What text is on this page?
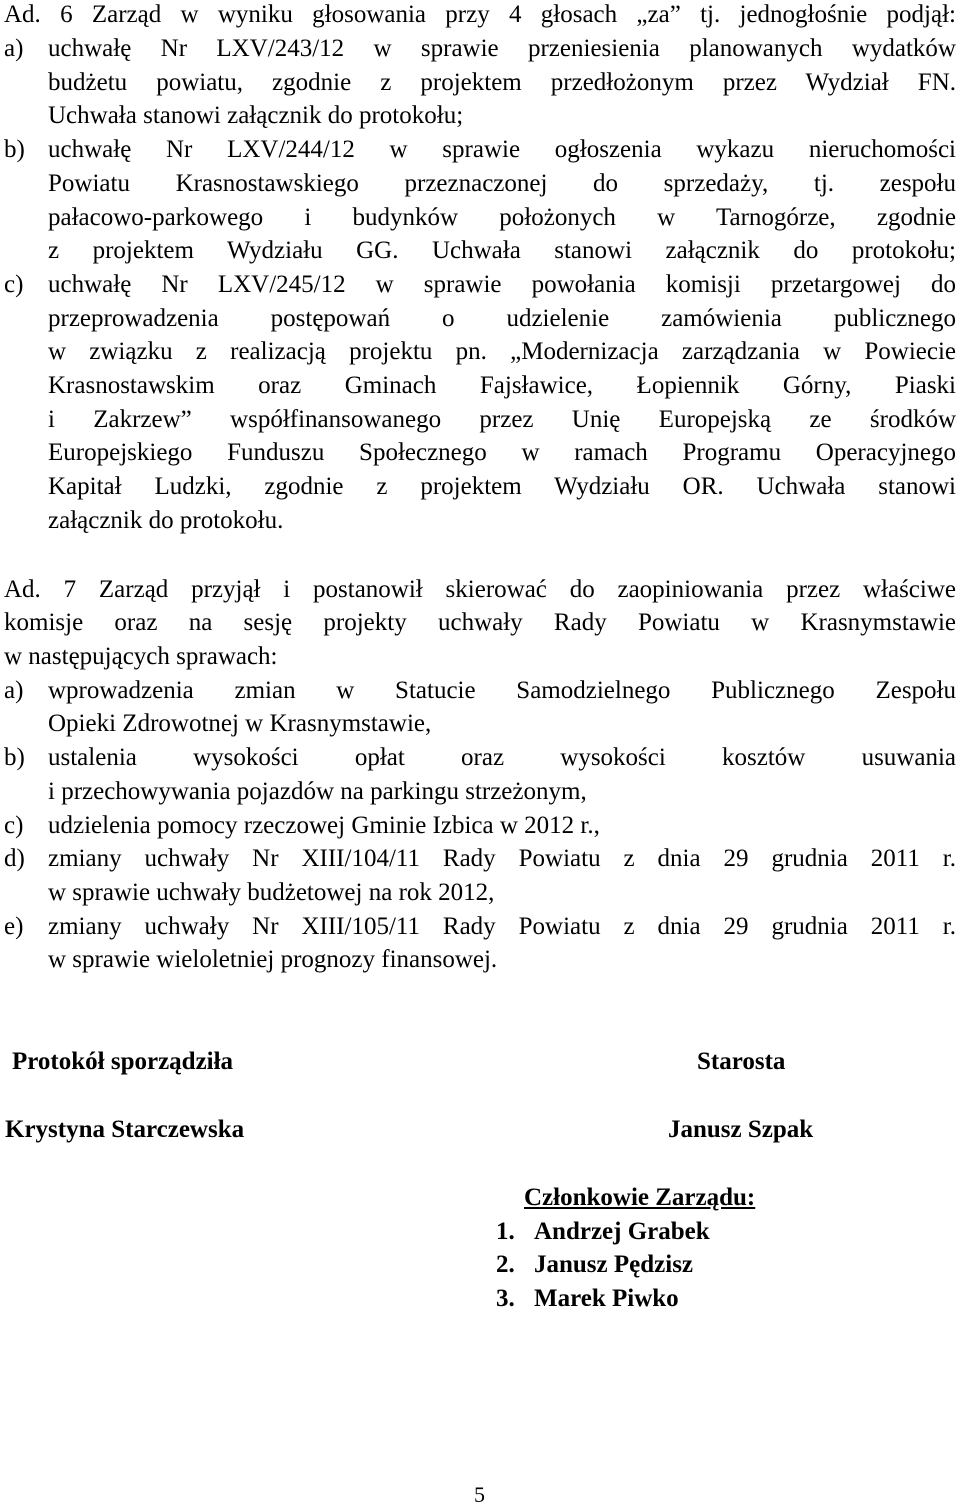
Ad. 6 Zarząd w wyniku głosowania przy 4 głosach „za” tj. jednogłośnie podjął:
a) uchwałę Nr LXV/243/12 w sprawie przeniesienia planowanych wydatków
budżetu powiatu, zgodnie z projektem przedłożonym przez Wydział FN.
Uchwała stanowi załącznik do protokołu;
b) uchwałę Nr LXV/244/12 w sprawie ogłoszenia wykazu nieruchomości
Powiatu Krasnostawskiego przeznaczonej do sprzedaży, tj. zespołu
pałacowo-parkowego i budynków położonych w Tarnogórze, zgodnie
z projektem Wydziału GG. Uchwała stanowi załącznik do protokołu;
c) uchwałę Nr LXV/245/12 w sprawie powołania komisji przetargowej do
przeprowadzenia postępowań o udzielenie zamówienia publicznego
w związku z realizacją projektu pn. „Modernizacja zarządzania w Powiecie
Krasnostawskim oraz Gminach Fajsławice, Łopiennik Górny, Piaski
i Zakrzew” współfinansowanego przez Unię Europejską ze środków
Europejskiego Funduszu Społecznego w ramach Programu Operacyjnego
Kapitał Ludzki, zgodnie z projektem Wydziału OR. Uchwała stanowi
załącznik do protokołu.
Ad. 7 Zarząd przyjął i postanowił skierować do zaopiniowania przez właściwe
komisje oraz na sesję projekty uchwały Rady Powiatu w Krasnymstawie
w następujących sprawach:
a) wprowadzenia zmian w Statucie Samodzielnego Publicznego Zespołu
Opieki Zdrowotnej w Krasnymstawie,
b) ustalenia wysokości opłat oraz wysokości kosztów usuwania
i przechowywania pojazdów na parkingu strzeżonym,
c) udzielenia pomocy rzeczowej Gminie Izbica w 2012 r.,
d) zmiany uchwały Nr XIII/104/11 Rady Powiatu z dnia 29 grudnia 2011 r.
w sprawie uchwały budżetowej na rok 2012,
e) zmiany uchwały Nr XIII/105/11 Rady Powiatu z dnia 29 grudnia 2011 r.
w sprawie wieloletniej prognozy finansowej.
Protokół sporządziła	Starosta
Krystyna Starczewska	Janusz Szpak
Członkowie Zarządu:
1. Andrzej Grabek
2. Janusz Pędzisz
3. Marek Piwko
5
